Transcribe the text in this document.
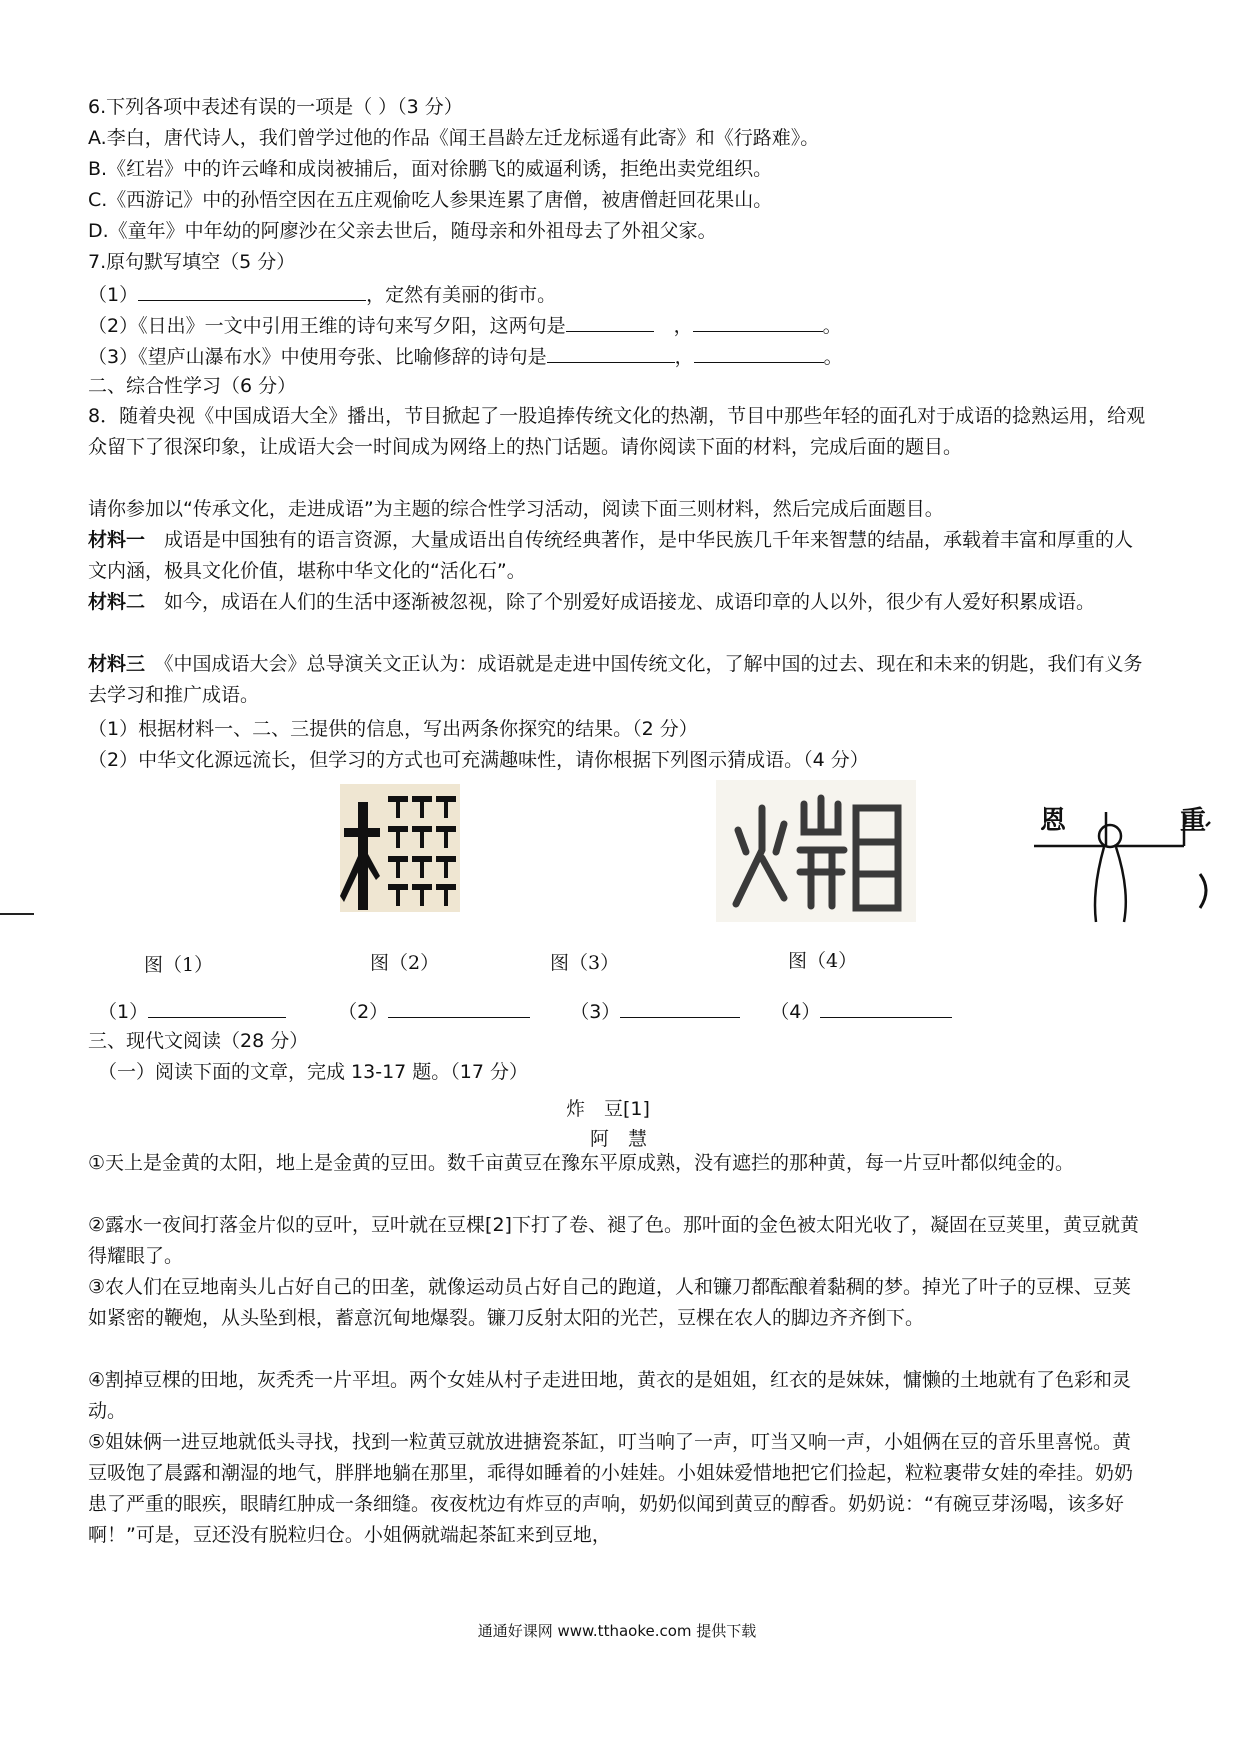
6.下列各项中表述有误的一项是（ ）（3 分）
A.李白，唐代诗人，我们曾学过他的作品《闻王昌龄左迁龙标遥有此寄》和《行路难》。
B.《红岩》中的许云峰和成岗被捕后，面对徐鹏飞的威逼利诱，拒绝出卖党组织。
C.《西游记》中的孙悟空因在五庄观偷吃人参果连累了唐僧，被唐僧赶回花果山。
D.《童年》中年幼的阿廖沙在父亲去世后，随母亲和外祖母去了外祖父家。
7.原句默写填空（5 分）
（1）	，定然有美丽的街市。
（2）《日出》一文中引用王维的诗句来写夕阳，这两句是	，	。
（3）《望庐山瀑布水》中使用夸张、比喻修辞的诗句是	，	。
二、综合性学习（6 分）
8．随着央视《中国成语大全》播出，节目掀起了一股追捧传统文化的热潮，节目中那些年轻的面孔对于成语的捻熟运用，给观众留下了很深印象，让成语大会一时间成为网络上的热门话题。请你阅读下面的材料，完成后面的题目。
请你参加以“传承文化，走进成语”为主题的综合性学习活动，阅读下面三则材料，然后完成后面题目。
材料一　 成语是中国独有的语言资源，大量成语出自传统经典著作，是中华民族几千年来智慧的结晶，承载着丰富和厚重的人文内涵，极具文化价值，堪称中华文化的“活化石”。
材料二　 如今，成语在人们的生活中逐渐被忽视，除了个别爱好成语接龙、成语印章的人以外，很少有人爱好积累成语。
材料三　 《中国成语大会》总导演关文正认为：成语就是走进中国传统文化，了解中国的过去、现在和未来的钥匙，我们有义务去学习和推广成语。
（1）根据材料一、二、三提供的信息，写出两条你探究的结果。（2 分）
（2）中华文化源远流长，但学习的方式也可充满趣味性，请你根据下列图示猜成语。（4 分）
恩	重
图（1）	图（2）	图（3）	图（4）
（1）	（2）	（3）	（4）
三、现代文阅读（28 分）
（一）阅读下面的文章，完成 13-17 题。（17 分）
炸　豆[1]
阿　慧
①天上是金黄的太阳，地上是金黄的豆田。数千亩黄豆在豫东平原成熟，没有遮拦的那种黄，每一片豆叶都似纯金的。
②露水一夜间打落金片似的豆叶，豆叶就在豆棵[2]下打了卷、褪了色。那叶面的金色被太阳光收了，凝固在豆荚里，黄豆就黄得耀眼了。
③农人们在豆地南头儿占好自己的田垄，就像运动员占好自己的跑道，人和镰刀都酝酿着黏稠的梦。掉光了叶子的豆棵、豆荚如紧密的鞭炮，从头坠到根，蓄意沉甸地爆裂。镰刀反射太阳的光芒，豆棵在农人的脚边齐齐倒下。
④割掉豆棵的田地，灰秃秃一片平坦。两个女娃从村子走进田地，黄衣的是姐姐，红衣的是妹妹，慵懒的土地就有了色彩和灵动。
⑤姐妹俩一进豆地就低头寻找，找到一粒黄豆就放进搪瓷茶缸，叮当响了一声，叮当又响一声，小姐俩在豆的音乐里喜悦。黄豆吸饱了晨露和潮湿的地气，胖胖地躺在那里，乖得如睡着的小娃娃。小姐妹爱惜地把它们捡起，粒粒裹带女娃的牵挂。奶奶患了严重的眼疾，眼睛红肿成一条细缝。夜夜枕边有炸豆的声响，奶奶似闻到黄豆的醇香。奶奶说：“有碗豆芽汤喝，该多好啊！”可是，豆还没有脱粒归仓。小姐俩就端起茶缸来到豆地，
通通好课网 www.tthaoke.com 提供下载
